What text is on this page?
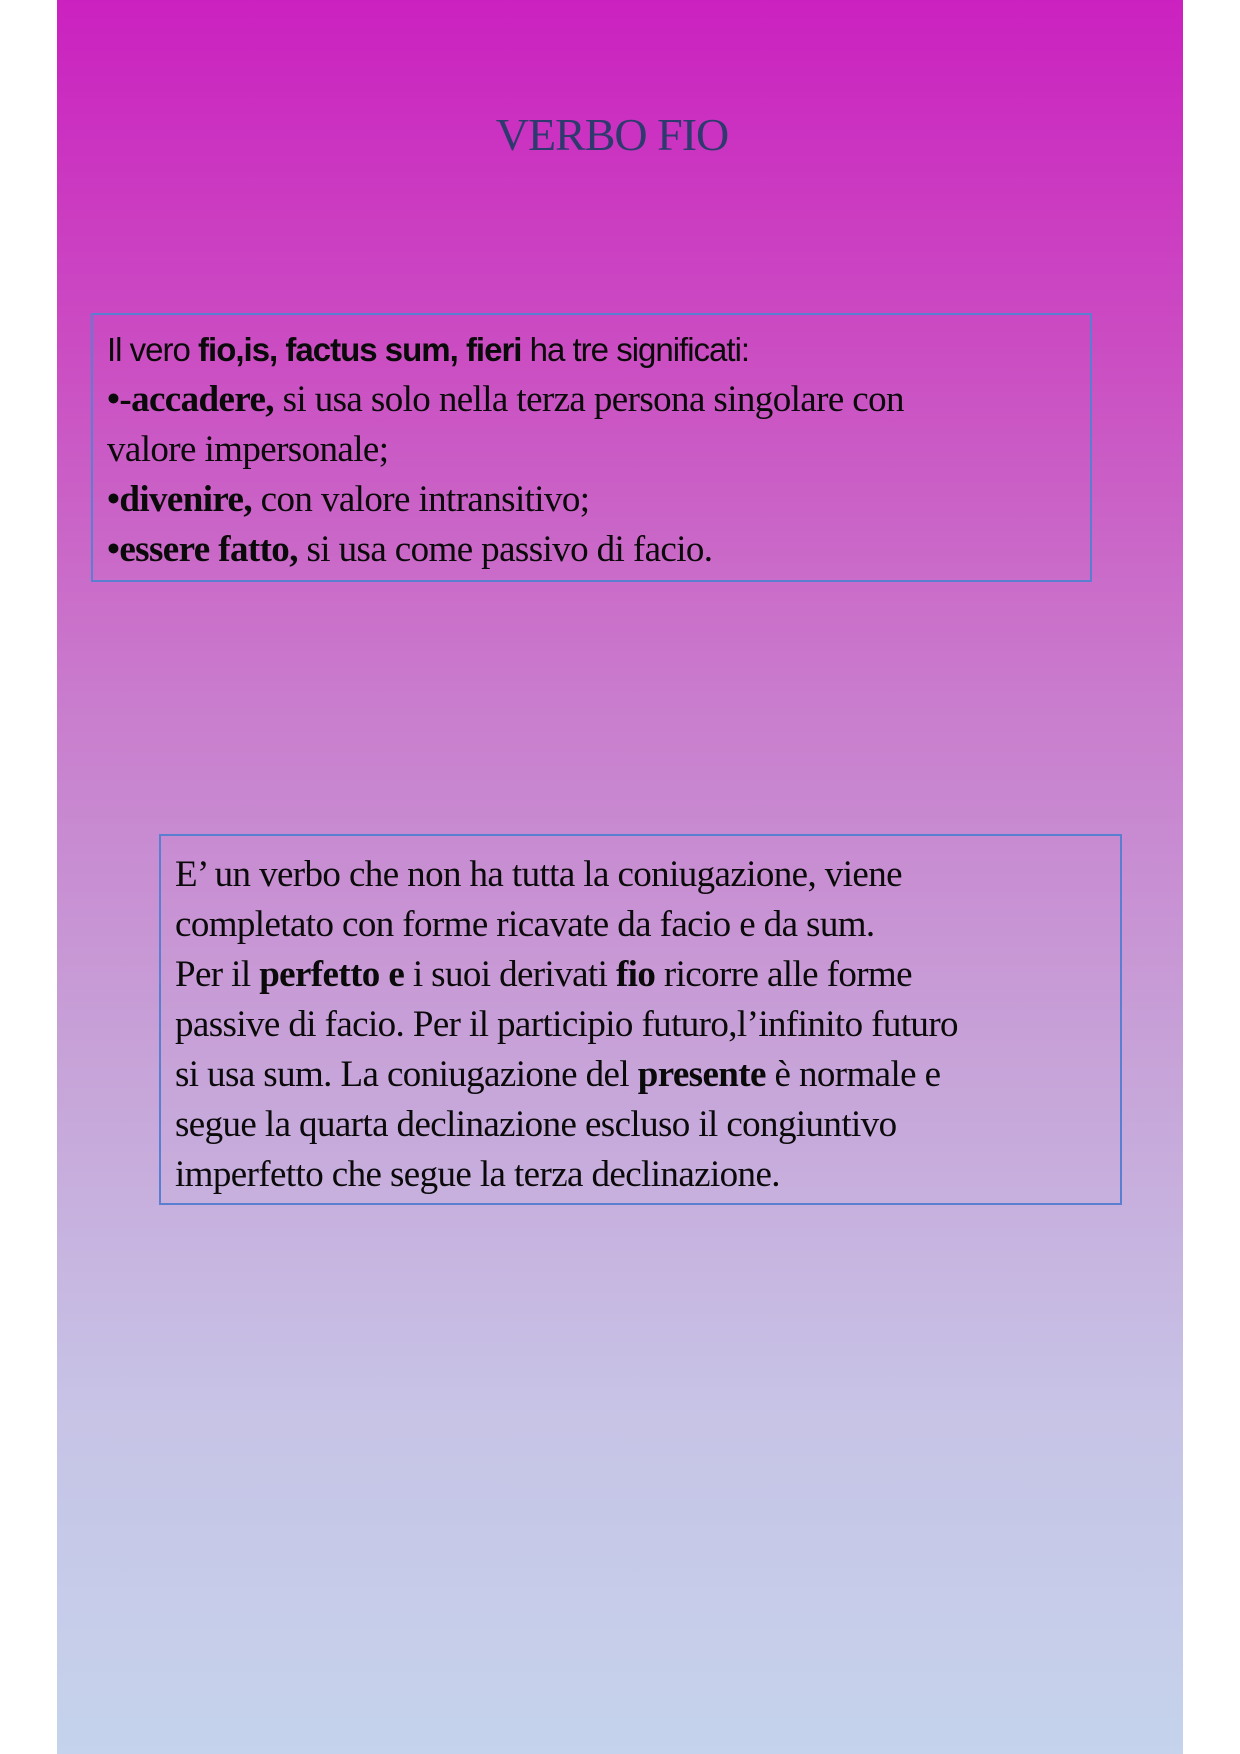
VERBO FIO
Il vero fio,is, factus sum, fieri ha tre significati:
•-accadere, si usa solo nella terza persona singolare con
valore impersonale;
•divenire, con valore intransitivo;
•essere fatto, si usa come passivo di facio.
E’ un verbo che non ha tutta la coniugazione, viene
completato con forme ricavate da facio e da sum.
Per il perfetto e i suoi derivati fio ricorre alle forme
passive di facio. Per il participio futuro,l’infinito futuro
si usa sum. La coniugazione del presente è normale e
segue la quarta declinazione escluso il congiuntivo
imperfetto che segue la terza declinazione.
